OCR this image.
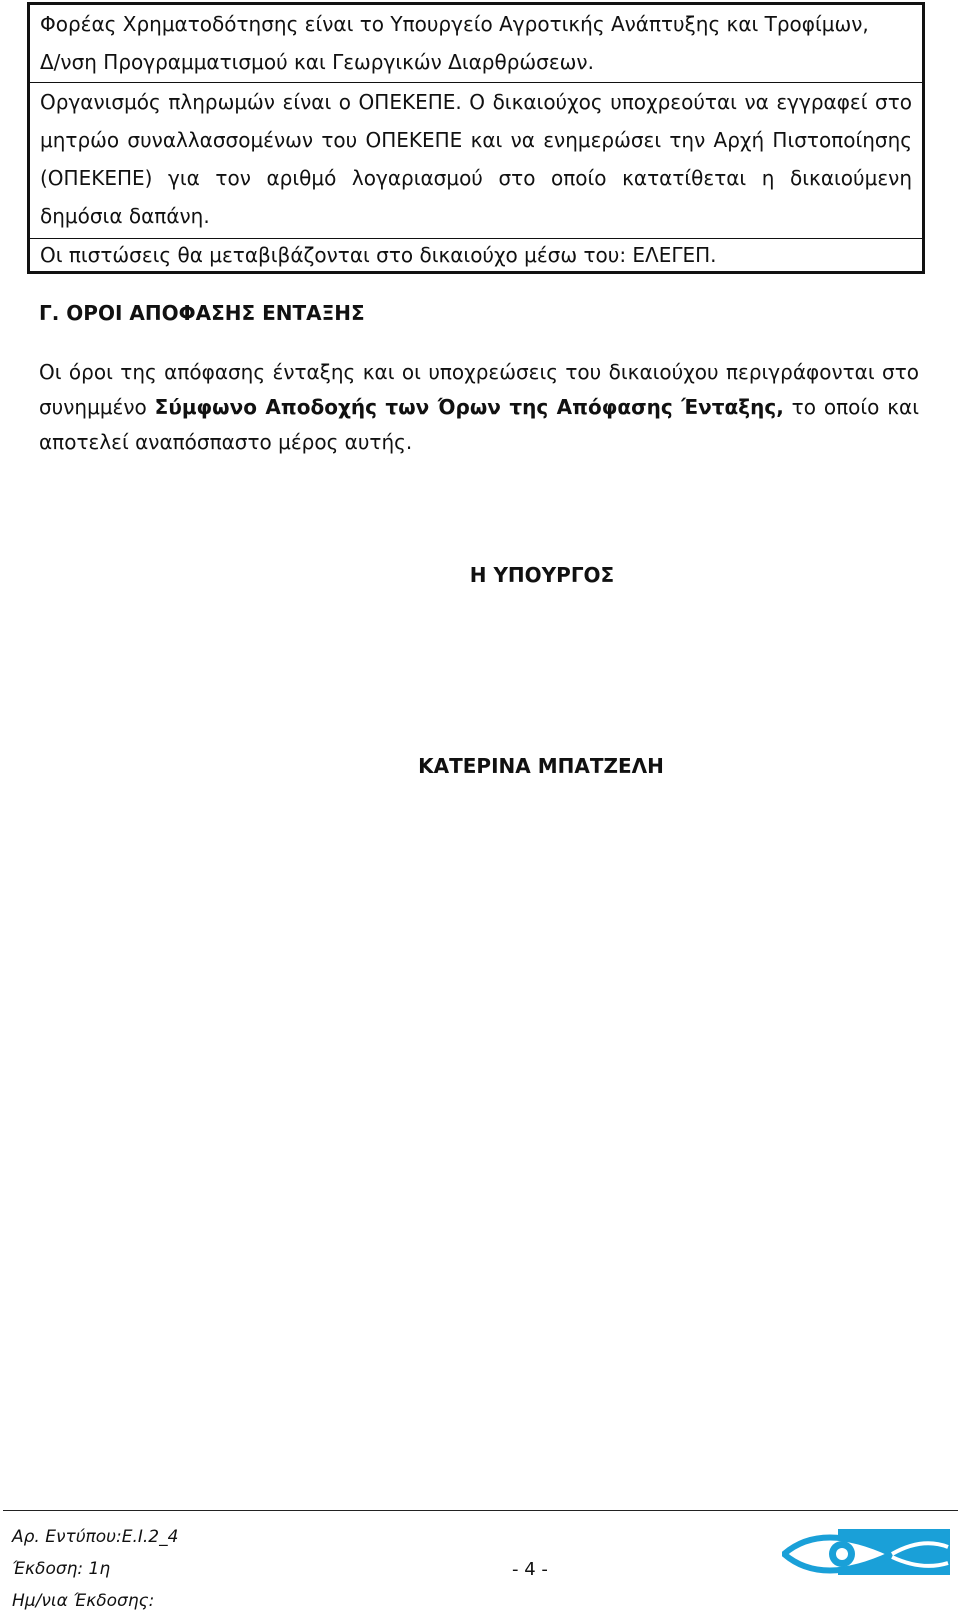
Φορέας Χρηματοδότησης είναι το Υπουργείο Αγροτικής Ανάπτυξης και Τροφίμων,
Δ/νση Προγραμματισμού και Γεωργικών Διαρθρώσεων.
Οργανισμός πληρωμών είναι ο ΟΠΕΚΕΠΕ. Ο δικαιούχος υποχρεούται να εγγραφεί στο μητρώο συναλλασσομένων του ΟΠΕΚΕΠΕ και να ενημερώσει την Αρχή Πιστοποίησης (ΟΠΕΚΕΠΕ) για τον αριθμό λογαριασμού στο οποίο κατατίθεται η δικαιούμενη δημόσια δαπάνη.
Οι πιστώσεις θα μεταβιβάζονται στο δικαιούχο μέσω του: ΕΛΕΓΕΠ.
Γ. ΟΡΟΙ ΑΠΟΦΑΣΗΣ ΕΝΤΑΞΗΣ
Οι όροι της απόφασης ένταξης και οι υποχρεώσεις του δικαιούχου περιγράφονται στο συνημμένο Σύμφωνο Αποδοχής των Όρων της Απόφασης Ένταξης, το οποίο και αποτελεί αναπόσπαστο μέρος αυτής.
Η ΥΠΟΥΡΓΟΣ
ΚΑΤΕΡΙΝΑ ΜΠΑΤΖΕΛΗ
Αρ. Εντύπου:Ε.Ι.2_4
Έκδοση: 1η
Ημ/νια Έκδοσης:
- 4 -
